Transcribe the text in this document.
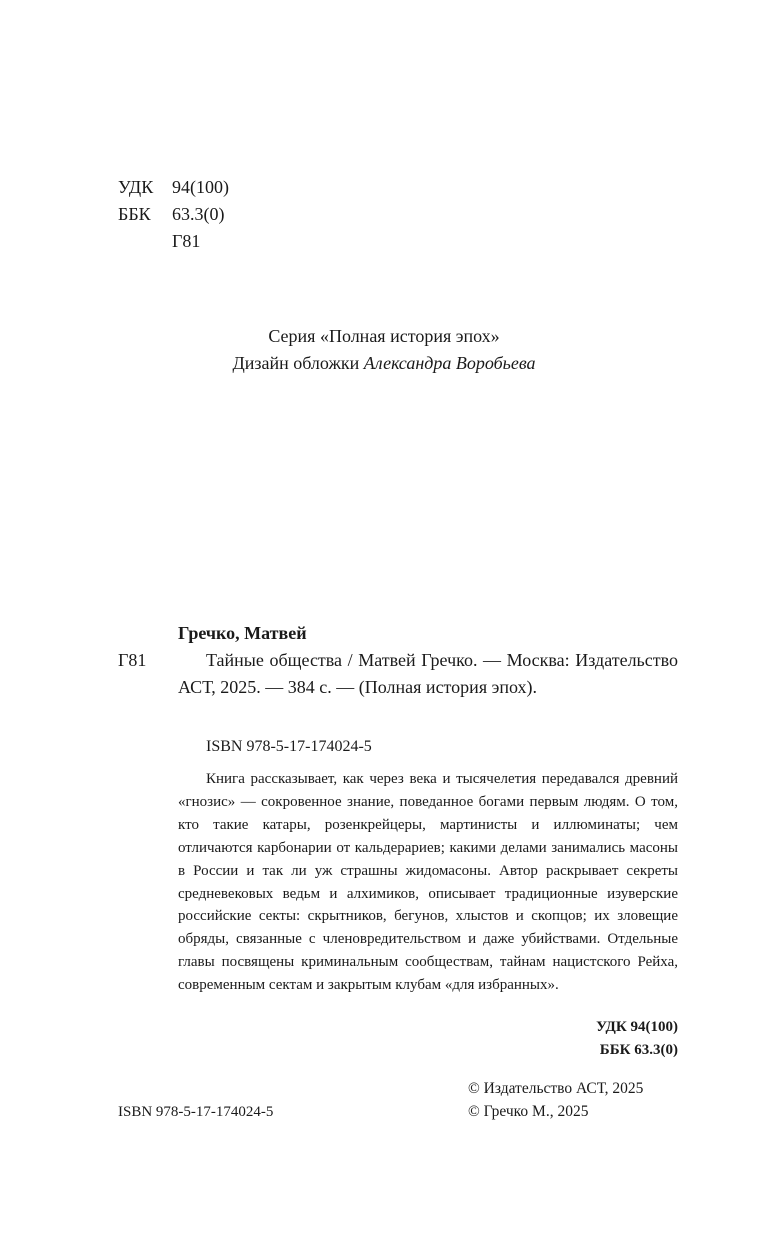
УДК	94(100)
ББК	63.3(0)
Г81
Серия «Полная история эпох»
Дизайн обложки Александра Воробьева
Гречко, Матвей
Г81	Тайные общества / Матвей Гречко. — Москва: Издательство АСТ, 2025. — 384 с. — (Полная история эпох).
ISBN 978-5-17-174024-5
Книга рассказывает, как через века и тысячелетия передавался древний «гнозис» — сокровенное знание, поведанное богами первым людям. О том, кто такие катары, розенкрейцеры, мартинисты и иллюминаты; чем отличаются карбонарии от кальдерариев; какими делами занимались масоны в России и так ли уж страшны жидомасоны. Автор раскрывает секреты средневековых ведьм и алхимиков, описывает традиционные изуверские российские секты: скрытников, бегунов, хлыстов и скопцов; их зловещие обряды, связанные с членовредительством и даже убийствами. Отдельные главы посвящены криминальным сообществам, тайнам нацистского Рейха, современным сектам и закрытым клубам «для избранных».
УДК 94(100)
ББК 63.3(0)
ISBN 978-5-17-174024-5
© Издательство АСТ, 2025
© Гречко М., 2025
